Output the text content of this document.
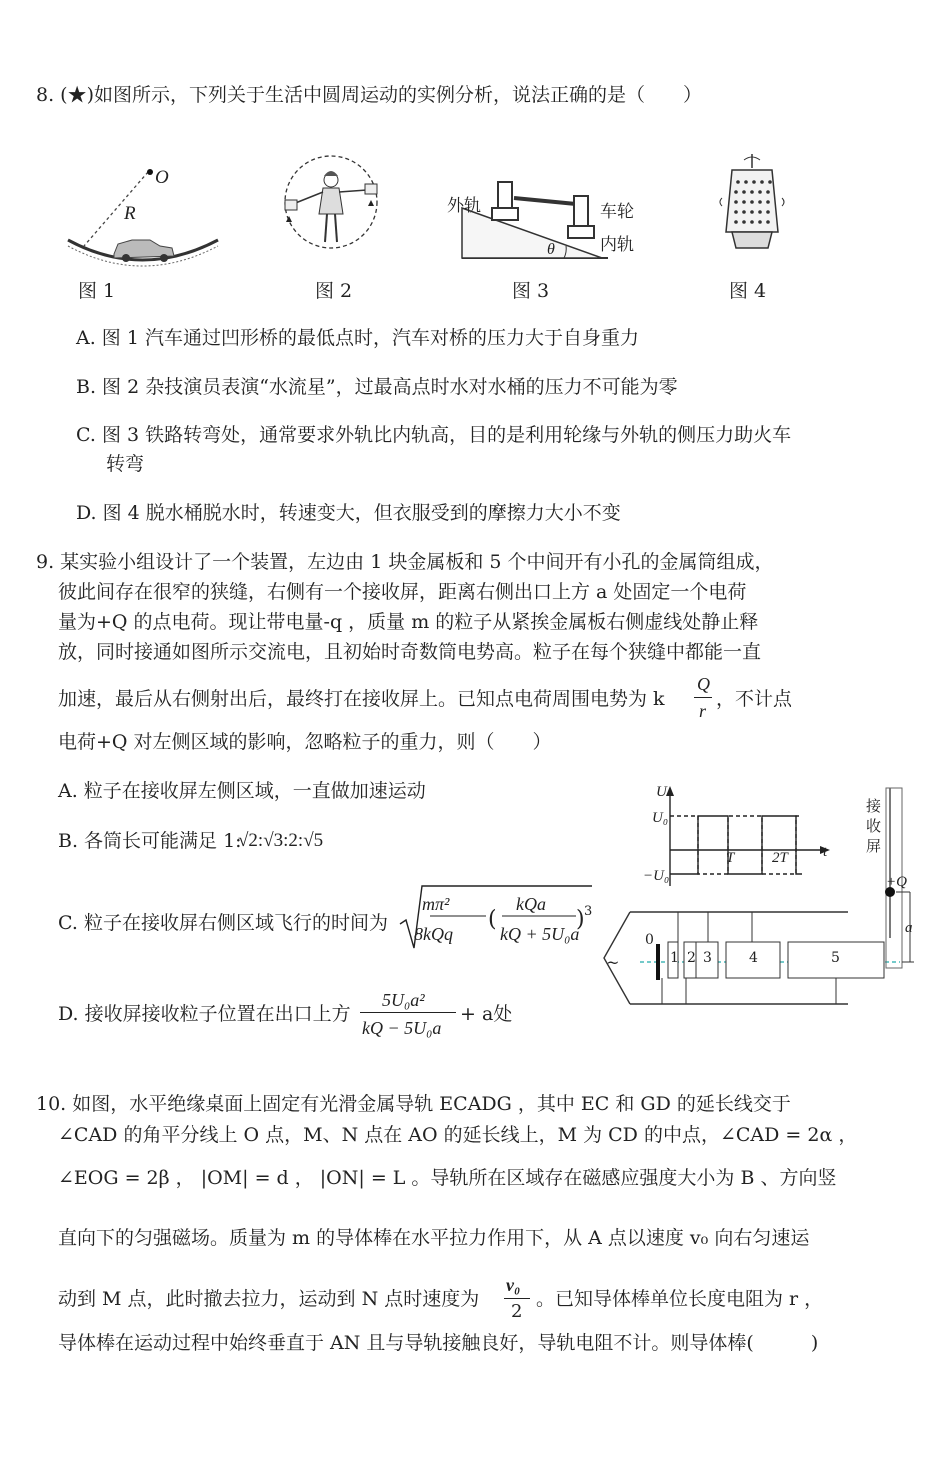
8. (★)如图所示，下列关于生活中圆周运动的实例分析，说法正确的是（　　）
O
R	外轨	车轮
内轨
θ
图 1	图 2	图 3	图 4
A. 图 1 汽车通过凹形桥的最低点时，汽车对桥的压力大于自身重力
B. 图 2 杂技演员表演“水流星”，过最高点时水对水桶的压力不可能为零
C. 图 3 铁路转弯处，通常要求外轨比内轨高，目的是利用轮缘与外轨的侧压力助火车
转弯
D. 图 4 脱水桶脱水时，转速变大，但衣服受到的摩擦力大小不变
9. 某实验小组设计了一个装置，左边由 1 块金属板和 5 个中间开有小孔的金属筒组成，
彼此间存在很窄的狭缝，右侧有一个接收屏，距离右侧出口上方 a 处固定一个电荷
量为+Q 的点电荷。现让带电量-q ，质量 m 的粒子从紧挨金属板右侧虚线处静止释
放，同时接通如图所示交流电，且初始时奇数筒电势高。粒子在每个狭缝中都能一直
加速，最后从右侧射出后，最终打在接收屏上。已知点电荷周围电势为 k
Q
r
，不计点
电荷+Q 对左侧区域的影响，忽略粒子的重力，则（　　）
A. 粒子在接收屏左侧区域，一直做加速运动
B. 各筒长可能满足 1:
√2:√3:2:√5
C. 粒子在接收屏右侧区域飞行的时间为
mπ²
8kQq
(
kQa
kQ + 5U₀a
) 3
D. 接收屏接收粒子位置在出口上方
5U₀a²
kQ − 5U₀a
+ a处
U
U₀
−U₀
t
T	2T
接
收
屏
+Q
a
~
0
1 2 3	4	5
10. 如图，水平绝缘桌面上固定有光滑金属导轨 ECADG ，其中 EC 和 GD 的延长线交于
∠CAD 的角平分线上 O 点，M、N 点在 AO 的延长线上，M 为 CD 的中点，∠CAD = 2α ，
∠EOG = 2β ， |OM| = d ， |ON| = L 。导轨所在区域存在磁感应强度大小为 B 、方向竖
直向下的匀强磁场。质量为 m 的导体棒在水平拉力作用下，从 A 点以速度 v₀ 向右匀速运
动到 M 点，此时撤去拉力，运动到 N 点时速度为
v₀
2
。已知导体棒单位长度电阻为 r ，
导体棒在运动过程中始终垂直于 AN 且与导轨接触良好，导轨电阻不计。则导体棒(　　　)
